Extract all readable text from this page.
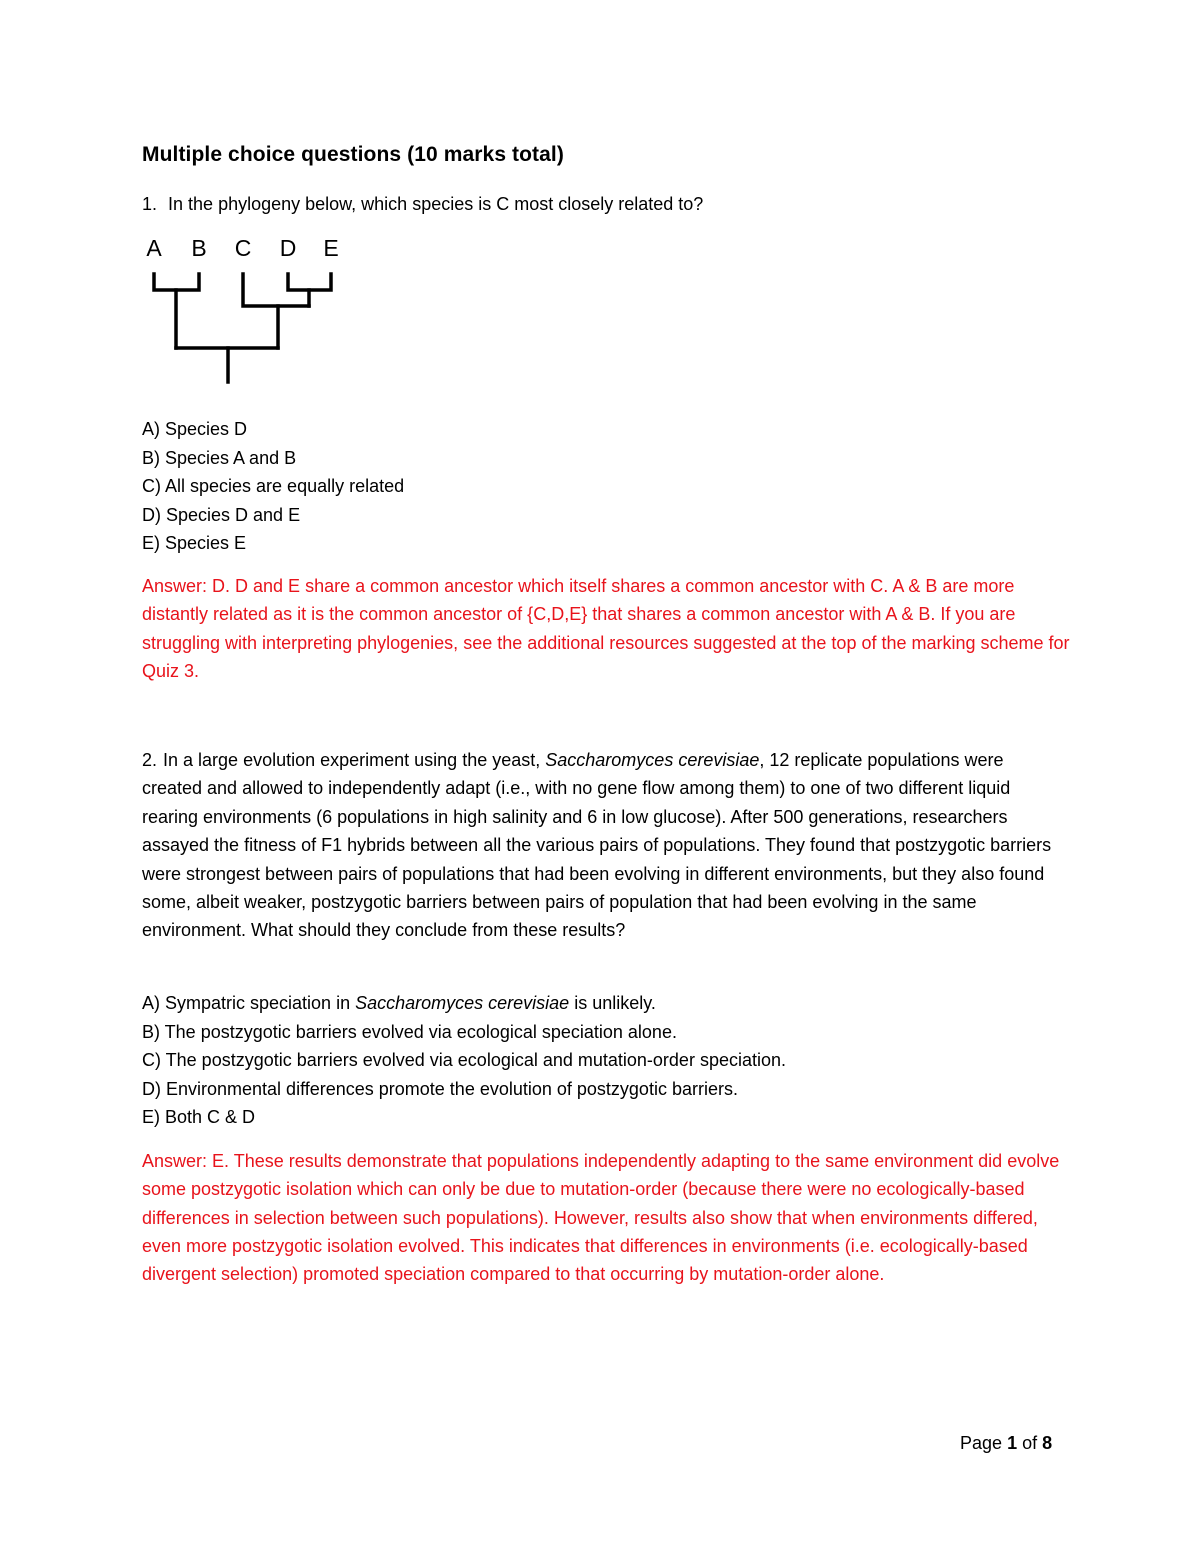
Multiple choice questions (10 marks total)
1. In the phylogeny below, which species is C most closely related to?
A B C D E
A) Species D
B) Species A and B
C) All species are equally related
D) Species D and E
E) Species E
Answer: D. D and E share a common ancestor which itself shares a common ancestor with C. A & B are more distantly related as it is the common ancestor of {C,D,E} that shares a common ancestor with A & B. If you are struggling with interpreting phylogenies, see the additional resources suggested at the top of the marking scheme for Quiz 3.
2. In a large evolution experiment using the yeast, Saccharomyces cerevisiae, 12 replicate populations were created and allowed to independently adapt (i.e., with no gene flow among them) to one of two different liquid rearing environments (6 populations in high salinity and 6 in low glucose). After 500 generations, researchers assayed the fitness of F1 hybrids between all the various pairs of populations. They found that postzygotic barriers were strongest between pairs of populations that had been evolving in different environments, but they also found some, albeit weaker, postzygotic barriers between pairs of population that had been evolving in the same environment. What should they conclude from these results?
A) Sympatric speciation in Saccharomyces cerevisiae is unlikely.
B) The postzygotic barriers evolved via ecological speciation alone.
C) The postzygotic barriers evolved via ecological and mutation-order speciation.
D) Environmental differences promote the evolution of postzygotic barriers.
E) Both C & D
Answer: E. These results demonstrate that populations independently adapting to the same environment did evolve some postzygotic isolation which can only be due to mutation-order (because there were no ecologically-based differences in selection between such populations). However, results also show that when environments differed, even more postzygotic isolation evolved. This indicates that differences in environments (i.e. ecologically-based divergent selection) promoted speciation compared to that occurring by mutation-order alone.
Page 1 of 8
